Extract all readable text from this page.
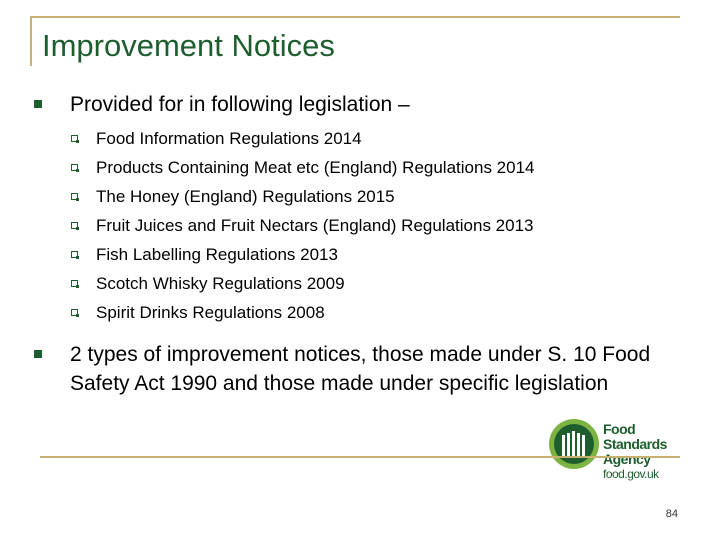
Improvement Notices
Provided for in following legislation –
Food Information Regulations 2014
Products Containing Meat etc (England) Regulations 2014
The Honey (England) Regulations 2015
Fruit Juices and Fruit Nectars (England) Regulations 2013
Fish Labelling Regulations 2013
Scotch Whisky Regulations 2009
Spirit Drinks Regulations 2008
2 types of improvement notices, those made under S. 10 Food Safety Act 1990 and those made under specific legislation
Food
Standards
Agency
food.gov.uk
84
